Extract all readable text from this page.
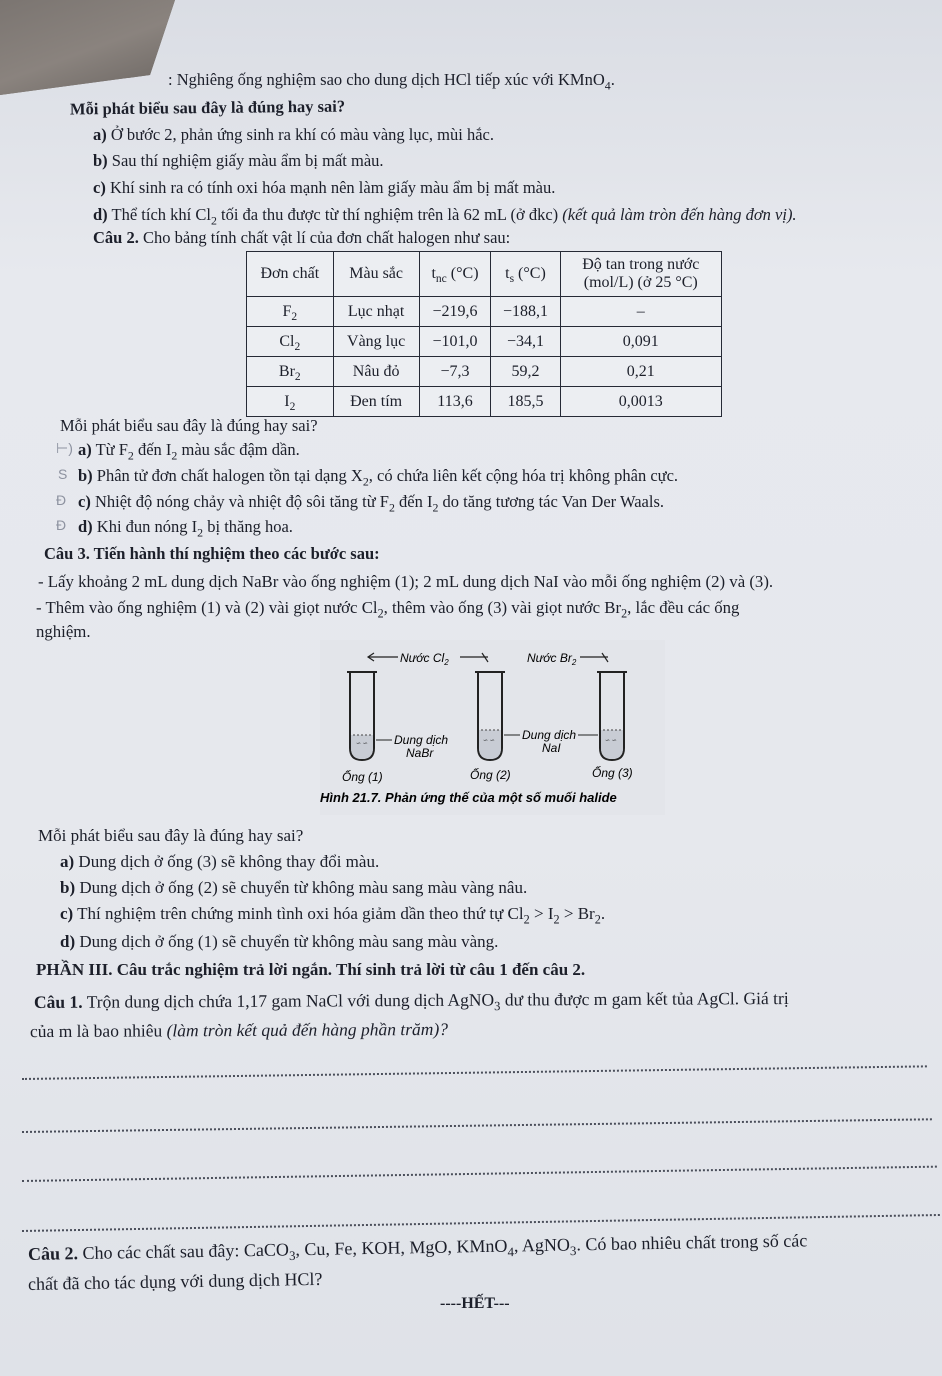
: Nghiêng ống nghiệm sao cho dung dịch HCl tiếp xúc với KMnO$_4$.
Mỗi phát biểu sau đây là đúng hay sai?
a) Ở bước 2, phản ứng sinh ra khí có màu vàng lục, mùi hắc.
b) Sau thí nghiệm giấy màu ẩm bị mất màu.
c) Khí sinh ra có tính oxi hóa mạnh nên làm giấy màu ẩm bị mất màu.
d) Thể tích khí $Cl_2$ tối đa thu được từ thí nghiệm trên là 62 mL (ở đkc) (kết quả làm tròn đến hàng đơn vị).
Câu 2. Cho bảng tính chất vật lí của đơn chất halogen như sau:
Đơn chất	Màu sắc	$t_{nc}$ (°C)	$t_s$ (°C)	Độ tan trong nước
(mol/L) (ở 25 °C)
$F_2$	Lục nhạt	−219,6	−188,1	–
$Cl_2$	Vàng lục	−101,0	−34,1	0,091
$Br_2$	Nâu đỏ	−7,3	59,2	0,21
$I_2$	Đen tím	113,6	185,5	0,0013
Mỗi phát biểu sau đây là đúng hay sai?
⊢) a) Từ $F_2$ đến $I_2$ màu sắc đậm dần.
S b) Phân tử đơn chất halogen tồn tại dạng $X_2$, có chứa liên kết cộng hóa trị không phân cực.
Ð c) Nhiệt độ nóng chảy và nhiệt độ sôi tăng từ $F_2$ đến $I_2$ do tăng tương tác Van Der Waals.
Ð d) Khi đun nóng $I_2$ bị thăng hoa.
Câu 3. Tiến hành thí nghiệm theo các bước sau:
- Lấy khoảng 2 mL dung dịch NaBr vào ống nghiệm (1); 2 mL dung dịch NaI vào mỗi ống nghiệm (2) và (3).
- Thêm vào ống nghiệm (1) và (2) vài giọt nước $Cl_2$, thêm vào ống (3) vài giọt nước $Br_2$, lắc đều các ống
nghiệm.
Nước $Cl_2$	Nước $Br_2$
∽ ∽ Dung dịch
NaBr
∽ ∽ Dung dịch
NaI	∽ ∽
Ống (1)	Ống (2)	Ống (3)
Hình 21.7. Phản ứng thế của một số muối halide
Mỗi phát biểu sau đây là đúng hay sai?
a) Dung dịch ở ống (3) sẽ không thay đổi màu.
b) Dung dịch ở ống (2) sẽ chuyển từ không màu sang màu vàng nâu.
c) Thí nghiệm trên chứng minh tình oxi hóa giảm dần theo thứ tự $Cl_2 > I_2 > Br_2$.
d) Dung dịch ở ống (1) sẽ chuyển từ không màu sang màu vàng.
PHẦN III. Câu trắc nghiệm trả lời ngắn. Thí sinh trả lời từ câu 1 đến câu 2.
Câu 1. Trộn dung dịch chứa 1,17 gam NaCl với dung dịch AgNO$_3$ dư thu được m gam kết tủa AgCl. Giá trị
của m là bao nhiêu (làm tròn kết quả đến hàng phần trăm)?
Câu 2. Cho các chất sau đây: CaCO$_3$, Cu, Fe, KOH, MgO, KMnO$_4$, AgNO$_3$. Có bao nhiêu chất trong số các
chất đã cho tác dụng với dung dịch HCl?
----HẾT---
